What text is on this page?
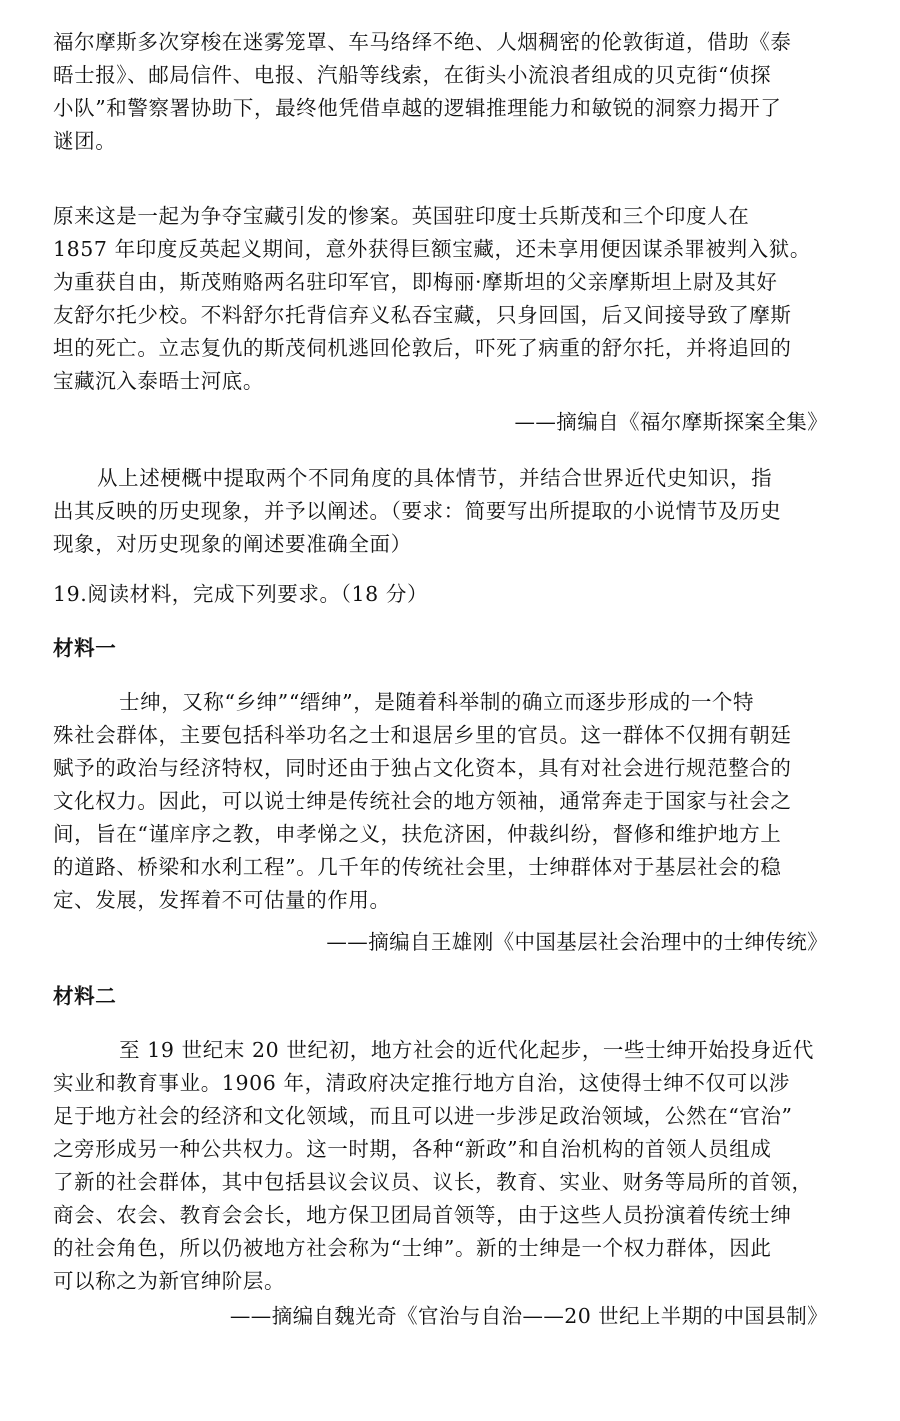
福尔摩斯多次穿梭在迷雾笼罩、车马络绎不绝、人烟稠密的伦敦街道，借助《泰
晤士报》、邮局信件、电报、汽船等线索，在街头小流浪者组成的贝克街“侦探
小队”和警察署协助下，最终他凭借卓越的逻辑推理能力和敏锐的洞察力揭开了
谜团。
原来这是一起为争夺宝藏引发的惨案。英国驻印度士兵斯茂和三个印度人在
1857 年印度反英起义期间，意外获得巨额宝藏，还未享用便因谋杀罪被判入狱。
为重获自由，斯茂贿赂两名驻印军官，即梅丽·摩斯坦的父亲摩斯坦上尉及其好
友舒尔托少校。不料舒尔托背信弃义私吞宝藏，只身回国，后又间接导致了摩斯
坦的死亡。立志复仇的斯茂伺机逃回伦敦后，吓死了病重的舒尔托，并将追回的
宝藏沉入泰晤士河底。
——摘编自《福尔摩斯探案全集》
从上述梗概中提取两个不同角度的具体情节，并结合世界近代史知识，指
出其反映的历史现象，并予以阐述。（要求：简要写出所提取的小说情节及历史
现象，对历史现象的阐述要准确全面）
19.阅读材料，完成下列要求。（18 分）
材料一
士绅，又称“乡绅”“缙绅”，是随着科举制的确立而逐步形成的一个特
殊社会群体，主要包括科举功名之士和退居乡里的官员。这一群体不仅拥有朝廷
赋予的政治与经济特权，同时还由于独占文化资本，具有对社会进行规范整合的
文化权力。因此，可以说士绅是传统社会的地方领袖，通常奔走于国家与社会之
间，旨在“谨庠序之教，申孝悌之义，扶危济困，仲裁纠纷，督修和维护地方上
的道路、桥梁和水利工程”。几千年的传统社会里，士绅群体对于基层社会的稳
定、发展，发挥着不可估量的作用。
——摘编自王雄刚《中国基层社会治理中的士绅传统》
材料二
至 19 世纪末 20 世纪初，地方社会的近代化起步，一些士绅开始投身近代
实业和教育事业。1906 年，清政府决定推行地方自治，这使得士绅不仅可以涉
足于地方社会的经济和文化领域，而且可以进一步涉足政治领域，公然在“官治”
之旁形成另一种公共权力。这一时期，各种“新政”和自治机构的首领人员组成
了新的社会群体，其中包括县议会议员、议长，教育、实业、财务等局所的首领，
商会、农会、教育会会长，地方保卫团局首领等，由于这些人员扮演着传统士绅
的社会角色，所以仍被地方社会称为“士绅”。新的士绅是一个权力群体，因此
可以称之为新官绅阶层。
——摘编自魏光奇《官治与自治——20 世纪上半期的中国县制》
